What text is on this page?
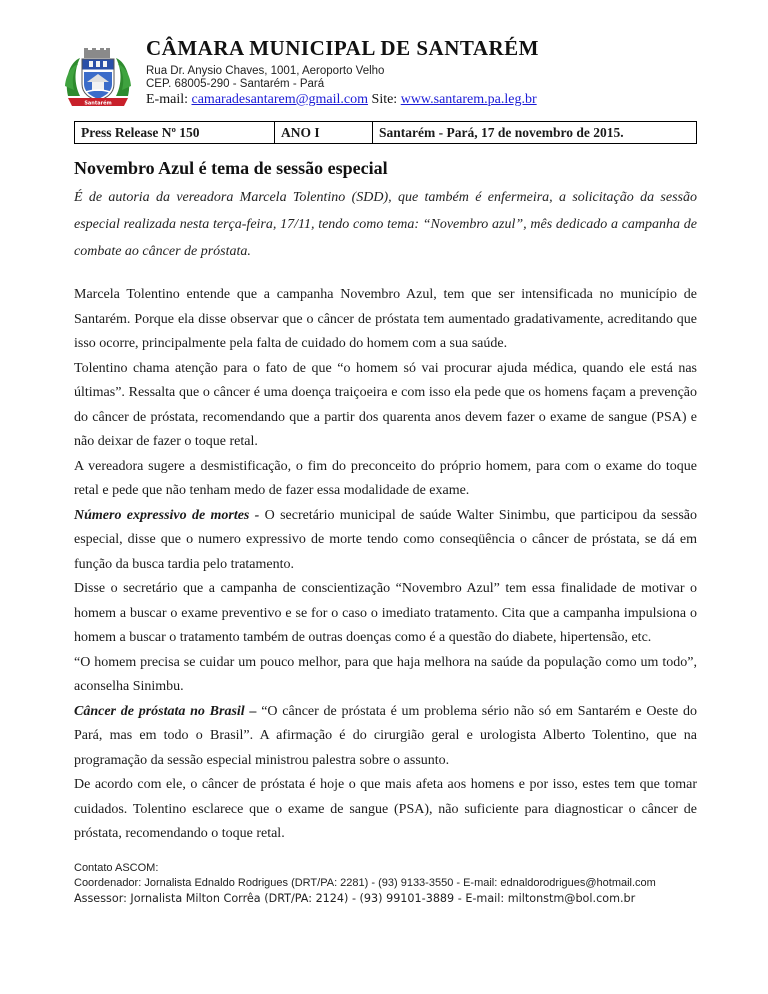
Santarém
CÂMARA MUNICIPAL DE SANTARÉM
Rua Dr. Anysio Chaves, 1001, Aeroporto Velho
CEP. 68005-290 - Santarém - Pará
E-mail: camaradesantarem@gmail.com Site: www.santarem.pa.leg.br
Press Release Nº 150	ANO I	Santarém - Pará, 17 de novembro de 2015.
Novembro Azul é tema de sessão especial

É de autoria da vereadora Marcela Tolentino (SDD), que também é enfermeira, a solicitação da sessão especial realizada nesta terça-feira, 17/11, tendo como tema: “Novembro azul”, mês dedicado a campanha de combate ao câncer de próstata.

Marcela Tolentino entende que a campanha Novembro Azul, tem que ser intensificada no município de Santarém. Porque ela disse observar que o câncer de próstata tem aumentado gradativamente, acreditando que isso ocorre, principalmente pela falta de cuidado do homem com a sua saúde.

Tolentino chama atenção para o fato de que “o homem só vai procurar ajuda médica, quando ele está nas últimas”. Ressalta que o câncer é uma doença traiçoeira e com isso ela pede que os homens façam a prevenção do câncer de próstata, recomendando que a partir dos quarenta anos devem fazer o exame de sangue (PSA) e não deixar de fazer o toque retal.

A vereadora sugere a desmistificação, o fim do preconceito do próprio homem, para com o exame do toque retal e pede que não tenham medo de fazer essa modalidade de exame.

Número expressivo de mortes - O secretário municipal de saúde Walter Sinimbu, que participou da sessão especial, disse que o numero expressivo de morte tendo como conseqüência o câncer de próstata, se dá em função da busca tardia pelo tratamento.

Disse o secretário que a campanha de conscientização “Novembro Azul” tem essa finalidade de motivar o homem a buscar o exame preventivo e se for o caso o imediato tratamento. Cita que a campanha impulsiona o homem a buscar o tratamento também de outras doenças como é a questão do diabete, hipertensão, etc.

“O homem precisa se cuidar um pouco melhor, para que haja melhora na saúde da população como um todo”, aconselha Sinimbu.

Câncer de próstata no Brasil – “O câncer de próstata é um problema sério não só em Santarém e Oeste do Pará, mas em todo o Brasil”. A afirmação é do cirurgião geral e urologista Alberto Tolentino, que na programação da sessão especial ministrou palestra sobre o assunto.

De acordo com ele, o câncer de próstata é hoje o que mais afeta aos homens e por isso, estes tem que tomar cuidados. Tolentino esclarece que o exame de sangue (PSA), não suficiente para diagnosticar o câncer de próstata, recomendando o toque retal.

Contato ASCOM:
Coordenador: Jornalista Ednaldo Rodrigues (DRT/PA: 2281) - (93) 9133-3550 - E-mail: ednaldorodrigues@hotmail.com
Assessor: Jornalista Milton Corrêa (DRT/PA: 2124) - (93) 99101-3889 - E-mail: miltonstm@bol.com.br
